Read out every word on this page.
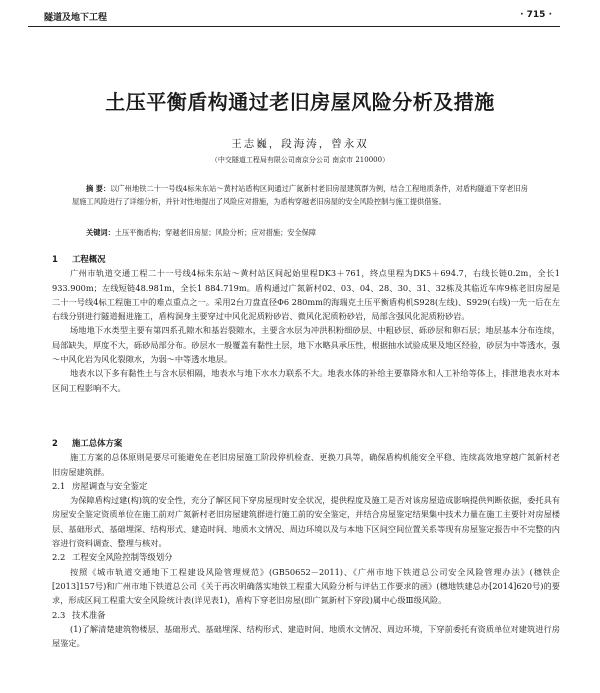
隧道及地下工程	· 715 ·
土压平衡盾构通过老旧房屋风险分析及措施
王志巍，段海涛，曾永双
（中交隧道工程局有限公司南京分公司 南京市 210000）
摘 要：以广州地铁二十一号线4标朱东站～黄村站盾构区间通过广氮新村老旧房屋建筑群为例，结合工程地质条件，对盾构隧道下穿老旧房屋施工风险进行了详细分析，并针对性地提出了风险应对措施，为盾构穿越老旧房屋的安全风险控制与施工提供借鉴。
关键词：土压平衡盾构；穿越老旧房屋；风险分析；应对措施；安全保障
1 工程概况
广州市轨道交通工程二十一号线4标朱东站～黄村站区间起始里程DK3＋761，终点里程为DK5＋694.7，右线长链0.2m，全长1 933.900m；左线短链48.981m，全长1 884.719m。盾构通过广氮新村02、03、04、28、30、31、32栋及其临近车库9栋老旧房屋是二十一号线4标工程施工中的难点重点之一。采用2台刀盘直径Φ6 280mm的海瑞克土压平衡盾构机S928(左线)、S929(右线)一先一后在左右线分别进行隧道掘进施工，盾构洞身主要穿过中风化泥质粉砂岩、微风化泥质粉砂岩，局部含强风化泥质粉砂岩。
场地地下水类型主要有第四系孔隙水和基岩裂隙水，主要含水层为冲洪积粉细砂层、中粗砂层、砾砂层和卵石层；地层基本分布连续，局部缺失，厚度不大，砾砂局部分布。砂层水一般覆盖有黏性土层，地下水略具承压性，根据抽水试验成果及地区经验，砂层为中等透水，强～中风化岩为风化裂隙水，为弱～中等透水地层。
地表水以下多有黏性土与含水层相隔，地表水与地下水水力联系不大。地表水体的补给主要靠降水和人工补给等体上，排泄地表水对本区间工程影响不大。
2 施工总体方案
施工方案的总体原则是要尽可能避免在老旧房屋施工阶段停机检查、更换刀具等，确保盾构机能安全平稳、连续高效地穿越广氮新村老旧房屋建筑群。
2.1 房屋调查与安全鉴定
为保障盾构过建(构)筑的安全性，充分了解区间下穿房屋现时安全状况，提供程度及施工是否对该房屋造成影响提供判断依据，委托具有房屋安全鉴定资质单位在施工前对广氮新村老旧房屋建筑群进行施工前的安全鉴定，并结合房屋鉴定结果集中技术力量在施工主要针对房屋楼层、基础形式、基础埋深、结构形式、建造时间、地质水文情况、周边环境以及与本地下区间空间位置关系等现有房屋鉴定报告中不完整的内容进行资料调查、整理与核对。
2.2 工程安全风险控制等级划分
按照《城市轨道交通地下工程建设风险管理规范》(GB50652－2011)、《广州市地下铁道总公司安全风险管理办法》(穗铁企[2013]157号)和广州市地下铁道总公司《关于再次明确落实地铁工程重大风险分析与评估工作要求的函》(穗地铁建总办[2014]620号)的要求，形成区间工程重大安全风险统计表(详见表1)，盾构下穿老旧房屋(即广氮新村下穿段)属中心级Ⅲ级风险。
2.3 技术准备
(1)了解清楚建筑物楼层、基础形式、基础埋深、结构形式、建造时间、地质水文情况、周边环境，下穿前委托有资质单位对建筑进行房屋鉴定。
